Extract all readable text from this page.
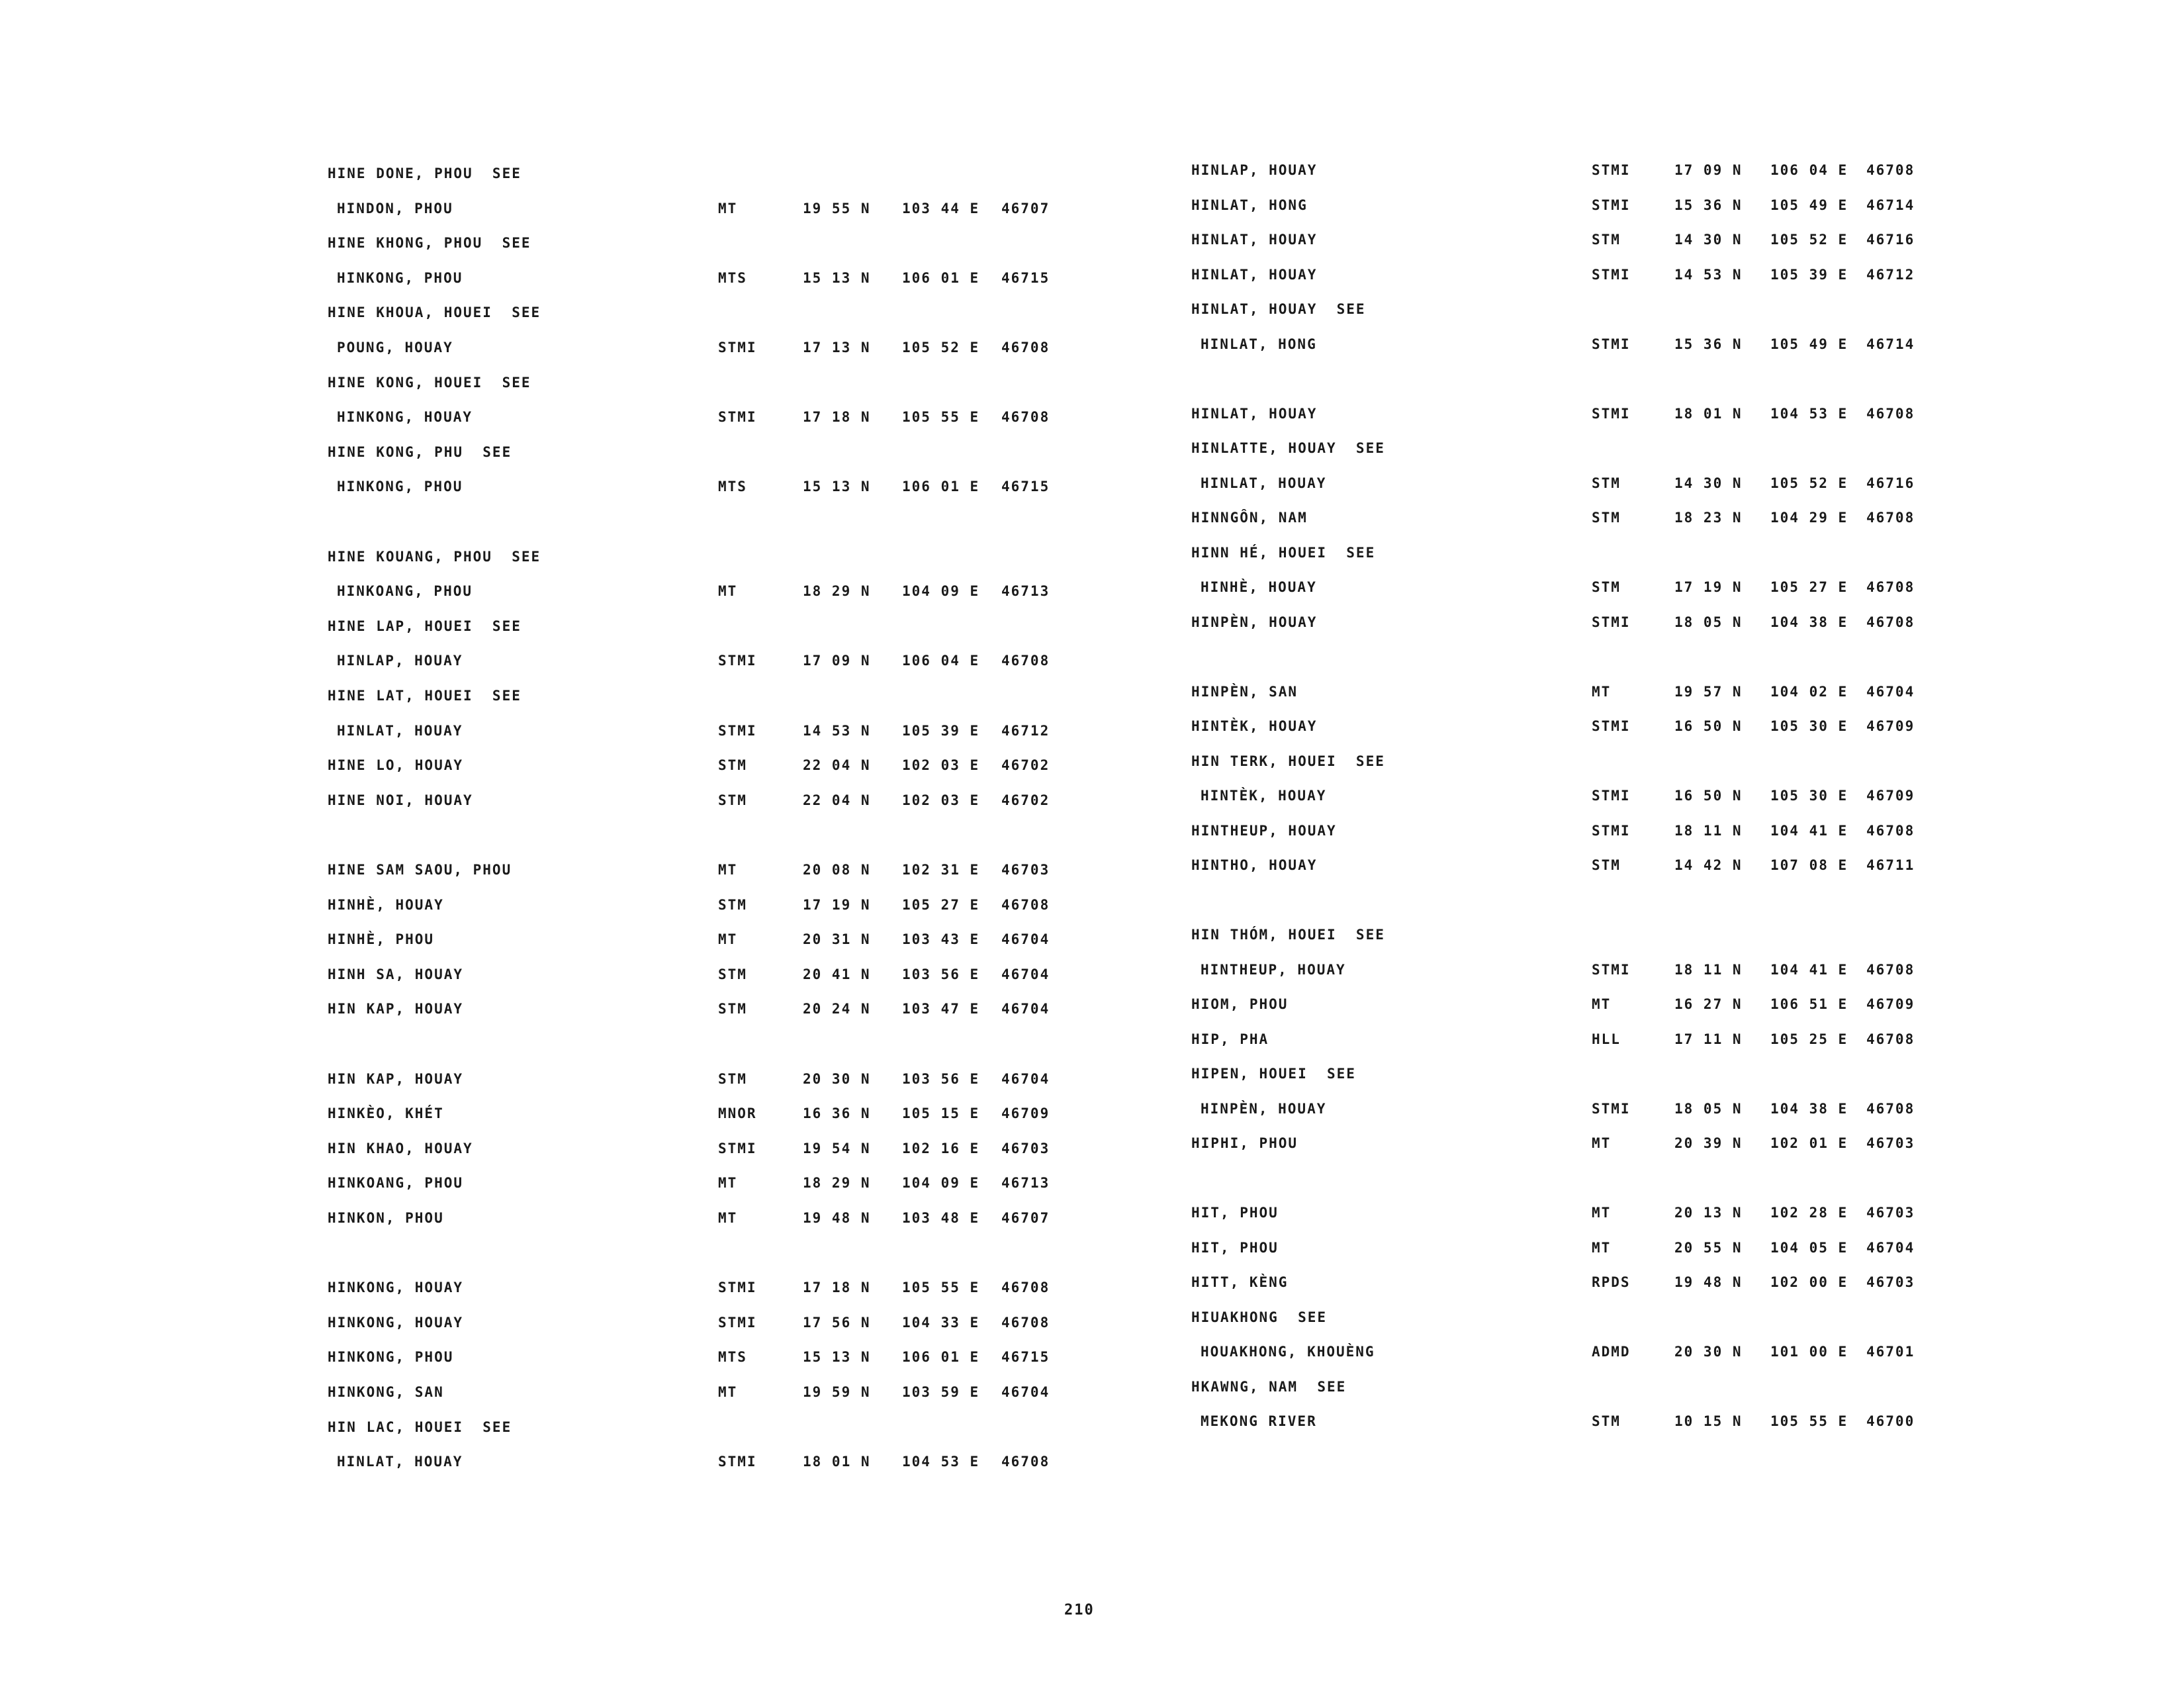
HINE DONE, PHOU  SEE
HINDON, PHOU	MT	19 55 N 103 44 E 46707
HINE KHONG, PHOU  SEE
HINKONG, PHOU	MTS	15 13 N 106 01 E 46715
HINE KHOUA, HOUEI  SEE
POUNG, HOUAY	STMI	17 13 N 105 52 E 46708
HINE KONG, HOUEI  SEE
HINKONG, HOUAY	STMI	17 18 N 105 55 E 46708
HINE KONG, PHU  SEE
HINKONG, PHOU	MTS	15 13 N 106 01 E 46715
HINE KOUANG, PHOU  SEE
HINKOANG, PHOU	MT	18 29 N 104 09 E 46713
HINE LAP, HOUEI  SEE
HINLAP, HOUAY	STMI	17 09 N 106 04 E 46708
HINE LAT, HOUEI  SEE
HINLAT, HOUAY	STMI	14 53 N 105 39 E 46712
HINE LO, HOUAY	STM	22 04 N 102 03 E 46702
HINE NOI, HOUAY	STM	22 04 N 102 03 E 46702
HINE SAM SAOU, PHOU	MT	20 08 N 102 31 E 46703
HINHÈ, HOUAY	STM	17 19 N 105 27 E 46708
HINHÈ, PHOU	MT	20 31 N 103 43 E 46704
HINH SA, HOUAY	STM	20 41 N 103 56 E 46704
HIN KAP, HOUAY	STM	20 24 N 103 47 E 46704
HIN KAP, HOUAY	STM	20 30 N 103 56 E 46704
HINKÈO, KHÉT	MNOR	16 36 N 105 15 E 46709
HIN KHAO, HOUAY	STMI	19 54 N 102 16 E 46703
HINKOANG, PHOU	MT	18 29 N 104 09 E 46713
HINKON, PHOU	MT	19 48 N 103 48 E 46707
HINKONG, HOUAY	STMI	17 18 N 105 55 E 46708
HINKONG, HOUAY	STMI	17 56 N 104 33 E 46708
HINKONG, PHOU	MTS	15 13 N 106 01 E 46715
HINKONG, SAN	MT	19 59 N 103 59 E 46704
HIN LAC, HOUEI  SEE
HINLAT, HOUAY	STMI	18 01 N 104 53 E 46708
HINLAP, HOUAY	STMI	17 09 N 106 04 E 46708
HINLAT, HONG	STMI	15 36 N 105 49 E 46714
HINLAT, HOUAY	STM	14 30 N 105 52 E 46716
HINLAT, HOUAY	STMI	14 53 N 105 39 E 46712
HINLAT, HOUAY  SEE
HINLAT, HONG	STMI	15 36 N 105 49 E 46714
HINLAT, HOUAY	STMI	18 01 N 104 53 E 46708
HINLATTE, HOUAY  SEE
HINLAT, HOUAY	STM	14 30 N 105 52 E 46716
HINNGÔN, NAM	STM	18 23 N 104 29 E 46708
HINN HÉ, HOUEI  SEE
HINHÈ, HOUAY	STM	17 19 N 105 27 E 46708
HINPÈN, HOUAY	STMI	18 05 N 104 38 E 46708
HINPÈN, SAN	MT	19 57 N 104 02 E 46704
HINTÈK, HOUAY	STMI	16 50 N 105 30 E 46709
HIN TERK, HOUEI  SEE
HINTÈK, HOUAY	STMI	16 50 N 105 30 E 46709
HINTHEUP, HOUAY	STMI	18 11 N 104 41 E 46708
HINTHO, HOUAY	STM	14 42 N 107 08 E 46711
HIN THÓM, HOUEI  SEE
HINTHEUP, HOUAY	STMI	18 11 N 104 41 E 46708
HIOM, PHOU	MT	16 27 N 106 51 E 46709
HIP, PHA	HLL	17 11 N 105 25 E 46708
HIPEN, HOUEI  SEE
HINPÈN, HOUAY	STMI	18 05 N 104 38 E 46708
HIPHI, PHOU	MT	20 39 N 102 01 E 46703
HIT, PHOU	MT	20 13 N 102 28 E 46703
HIT, PHOU	MT	20 55 N 104 05 E 46704
HITT, KÈNG	RPDS	19 48 N 102 00 E 46703
HIUAKHONG  SEE
HOUAKHONG, KHOUÈNG	ADMD	20 30 N 101 00 E 46701
HKAWNG, NAM  SEE
MEKONG RIVER	STM	10 15 N 105 55 E 46700
210
